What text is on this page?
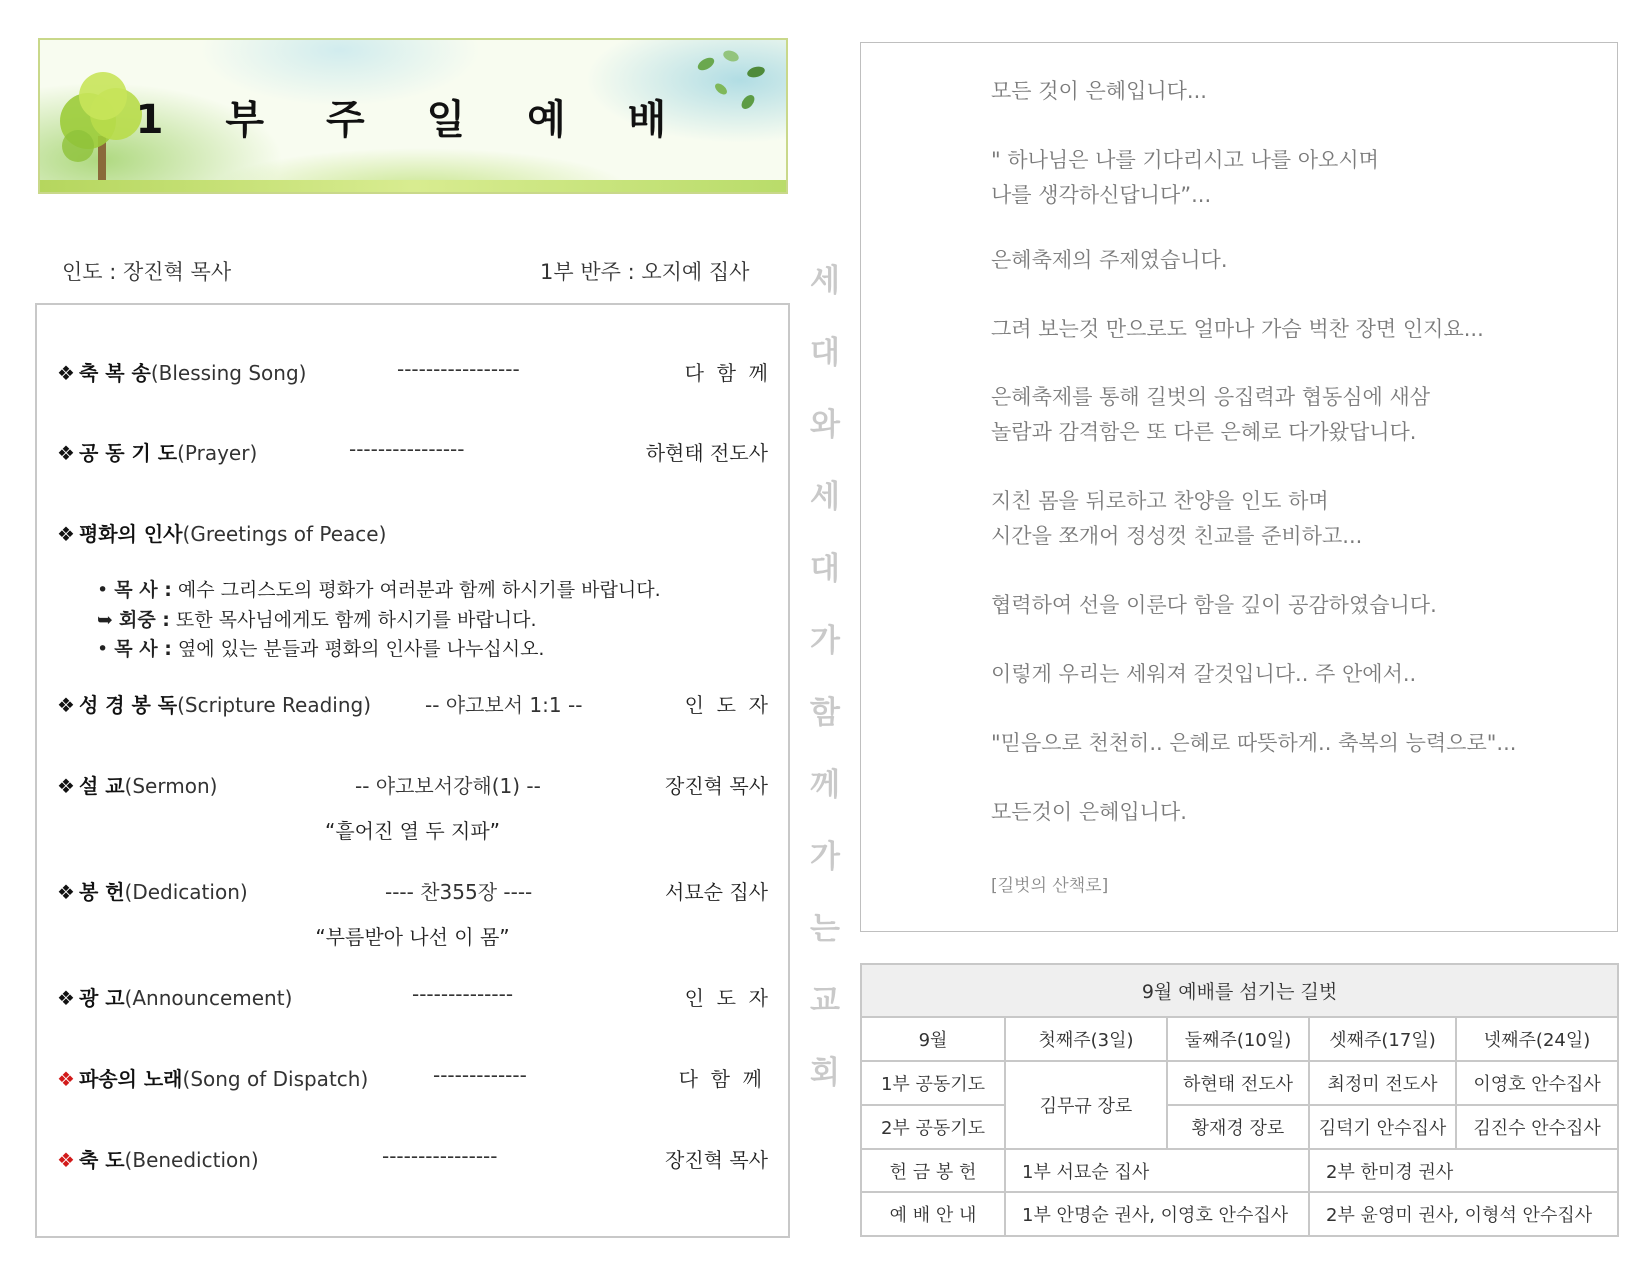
1 부 주 일 예 배
인도 : 장진혁 목사	1부 반주 : 오지예 집사
❖ 축 복 송(Blessing Song)	-----------------	다  함  께
❖ 공 동 기 도(Prayer)	----------------	하현태 전도사
❖ 평화의 인사(Greetings of Peace)
• 목 사 : 예수 그리스도의 평화가 여러분과 함께 하시기를 바랍니다.
➥ 회중 : 또한 목사님에게도 함께 하시기를 바랍니다.
• 목 사 : 옆에 있는 분들과 평화의 인사를 나누십시오.
❖ 성 경 봉 독(Scripture Reading)	-- 야고보서 1:1 --	인  도  자
❖ 설 교(Sermon)	-- 야고보서강해(1) --	장진혁 목사
“흩어진 열 두 지파”
❖ 봉 헌(Dedication)	---- 찬355장 ----	서묘순 집사
“부름받아 나선 이 몸”
❖ 광 고(Announcement)	--------------	인  도  자
❖ 파송의 노래(Song of Dispatch)	-------------	다  함  께
❖ 축 도(Benediction)	----------------	장진혁 목사
세
대
와
세
대
가
함
께
가
는
교
회
모든 것이 은혜입니다...
" 하나님은 나를 기다리시고 나를 아오시며
나를 생각하신답니다”...
은혜축제의 주제였습니다.
그려 보는것 만으로도 얼마나 가슴 벅찬 장면 인지요...
은혜축제를 통해 길벗의 응집력과 협동심에 새삼
놀람과 감격함은 또 다른 은혜로 다가왔답니다.
지친 몸을 뒤로하고 찬양을 인도 하며
시간을 쪼개어 정성껏 친교를 준비하고...
협력하여 선을 이룬다 함을 깊이 공감하였습니다.
이렇게 우리는 세워져 갈것입니다.. 주 안에서..
"믿음으로 천천히.. 은혜로 따뜻하게.. 축복의 능력으로"...
모든것이 은혜입니다.
[길벗의 산책로]
9월 예배를 섬기는 길벗				
9월	첫째주(3일)	둘째주(10일)	셋째주(17일)	넷째주(24일)
1부 공동기도	김무규 장로	하현태 전도사	최정미 전도사	이영호 안수집사
2부 공동기도		황재경 장로	김덕기 안수집사	김진수 안수집사
헌 금 봉 헌	1부 서묘순 집사		2부 한미경 권사	
예 배 안 내	1부 안명순 권사, 이영호 안수집사		2부 윤영미 권사, 이형석 안수집사	
